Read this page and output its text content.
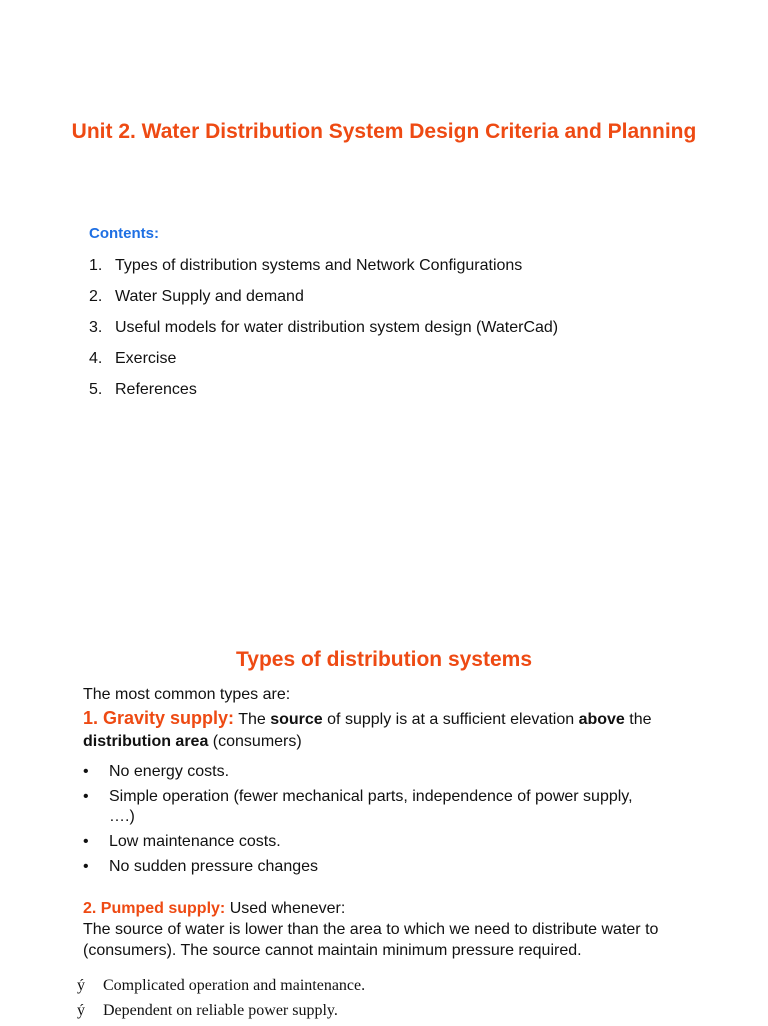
Unit 2. Water Distribution System Design Criteria and Planning
Contents:
1. Types of distribution systems and Network Configurations
2. Water Supply and demand
3. Useful models for water distribution system design (WaterCad)
4. Exercise
5. References
Types of distribution systems
The most common types are:
1. Gravity supply: The source of supply is at a sufficient elevation above the distribution area (consumers)
•	No energy costs.
•	Simple operation (fewer mechanical parts, independence of power supply, ….)
•	Low maintenance costs.
•	No sudden pressure changes
2. Pumped supply: Used whenever:
The source of water is lower than the area to which we need to distribute water to (consumers). The source cannot maintain minimum pressure required.
ý	Complicated operation and maintenance.
ý	Dependent on reliable power supply.
